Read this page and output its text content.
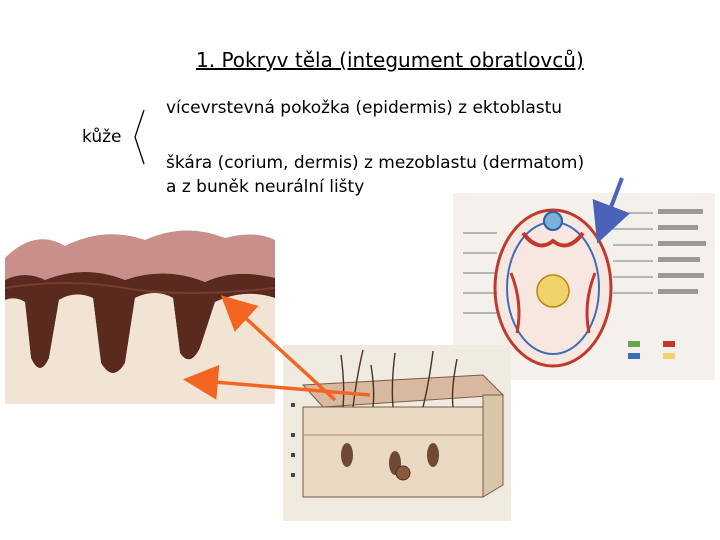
1. Pokryv těla (integument obratlovců)
kůže
vícevrstevná pokožka (epidermis) z ektoblastu
škára (corium, dermis) z mezoblastu (dermatom)
a z buněk neurální lišty
